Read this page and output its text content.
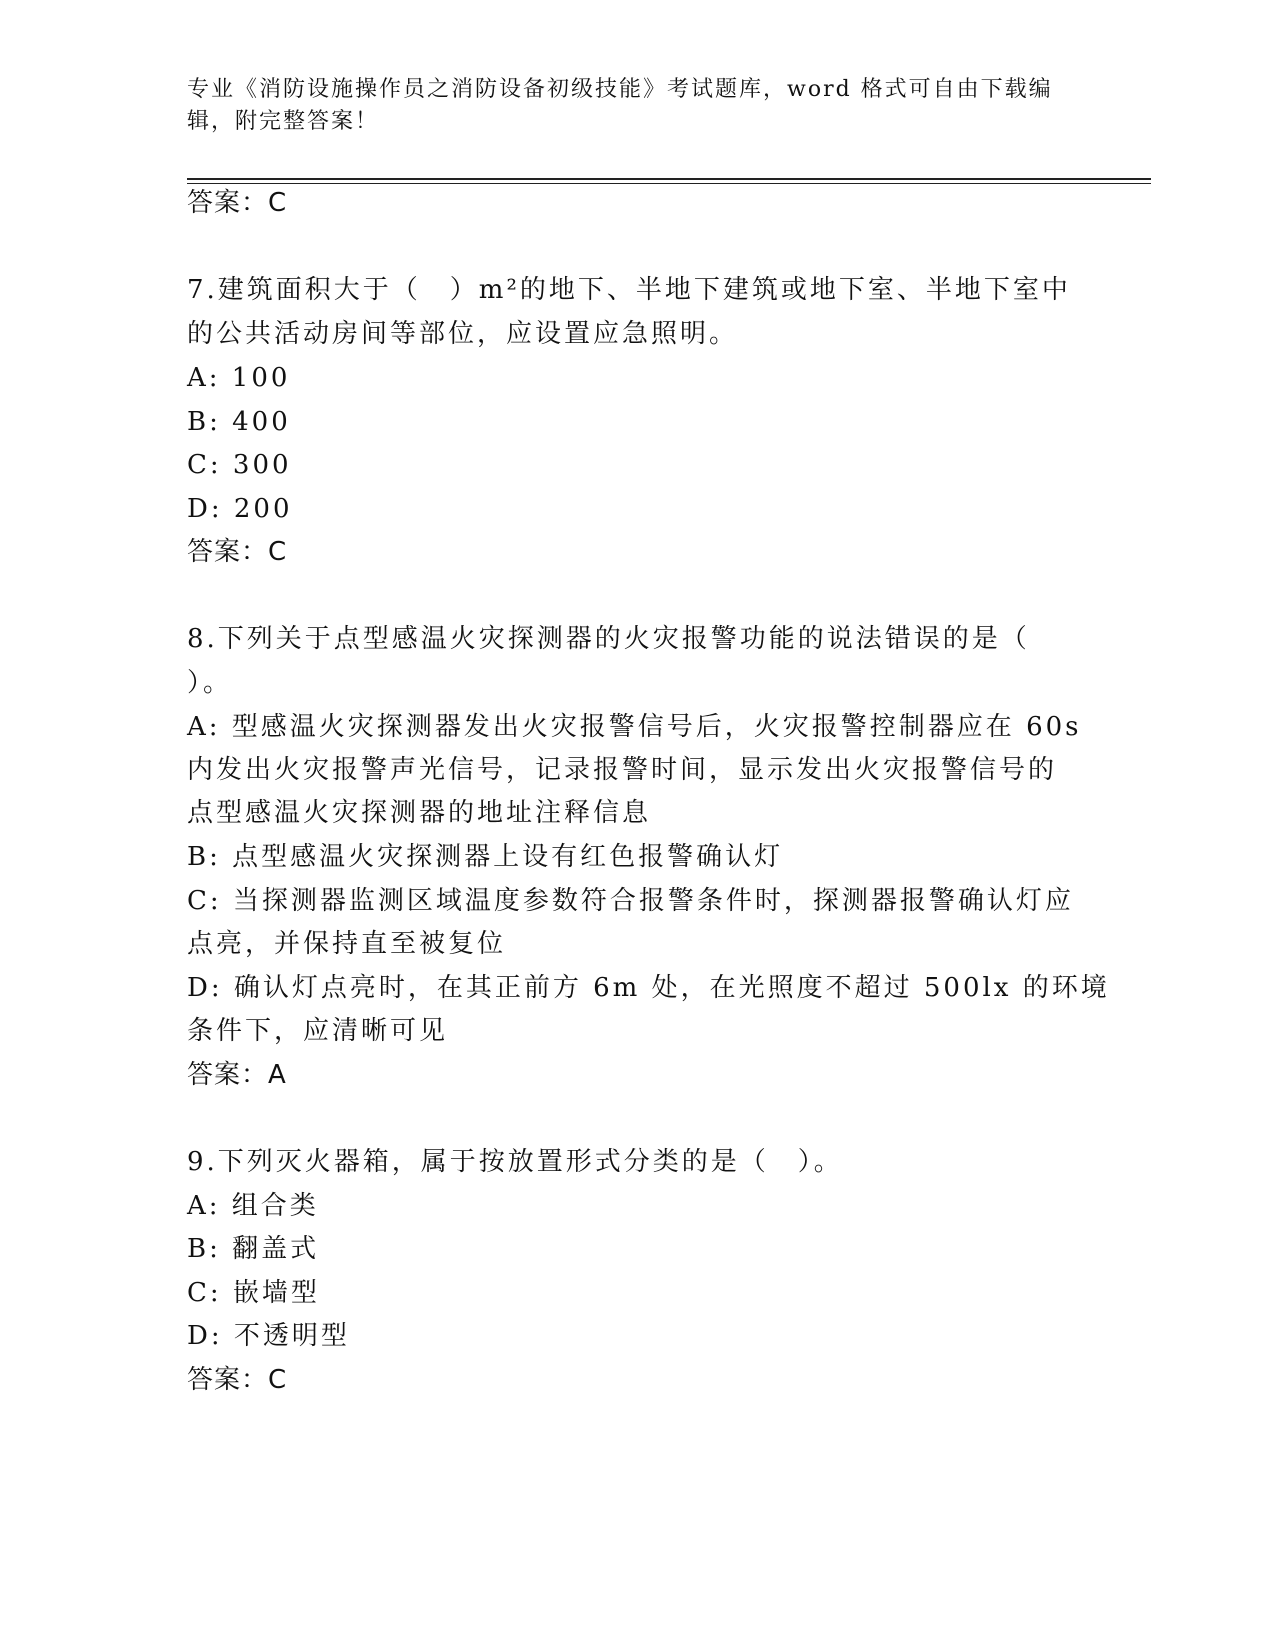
专业《消防设施操作员之消防设备初级技能》考试题库，word 格式可自由下载编
辑，附完整答案！
答案：C
7.建筑面积大于（　）m²的地下、半地下建筑或地下室、半地下室中
的公共活动房间等部位，应设置应急照明。
A: 100
B: 400
C: 300
D: 200
答案：C
8.下列关于点型感温火灾探测器的火灾报警功能的说法错误的是（
）。
A: 型感温火灾探测器发出火灾报警信号后，火灾报警控制器应在 60s
内发出火灾报警声光信号，记录报警时间，显示发出火灾报警信号的
点型感温火灾探测器的地址注释信息
B: 点型感温火灾探测器上设有红色报警确认灯
C: 当探测器监测区域温度参数符合报警条件时，探测器报警确认灯应
点亮，并保持直至被复位
D: 确认灯点亮时，在其正前方 6m 处，在光照度不超过 500lx 的环境
条件下，应清晰可见
答案：A
9.下列灭火器箱，属于按放置形式分类的是（　）。
A: 组合类
B: 翻盖式
C: 嵌墙型
D: 不透明型
答案：C
